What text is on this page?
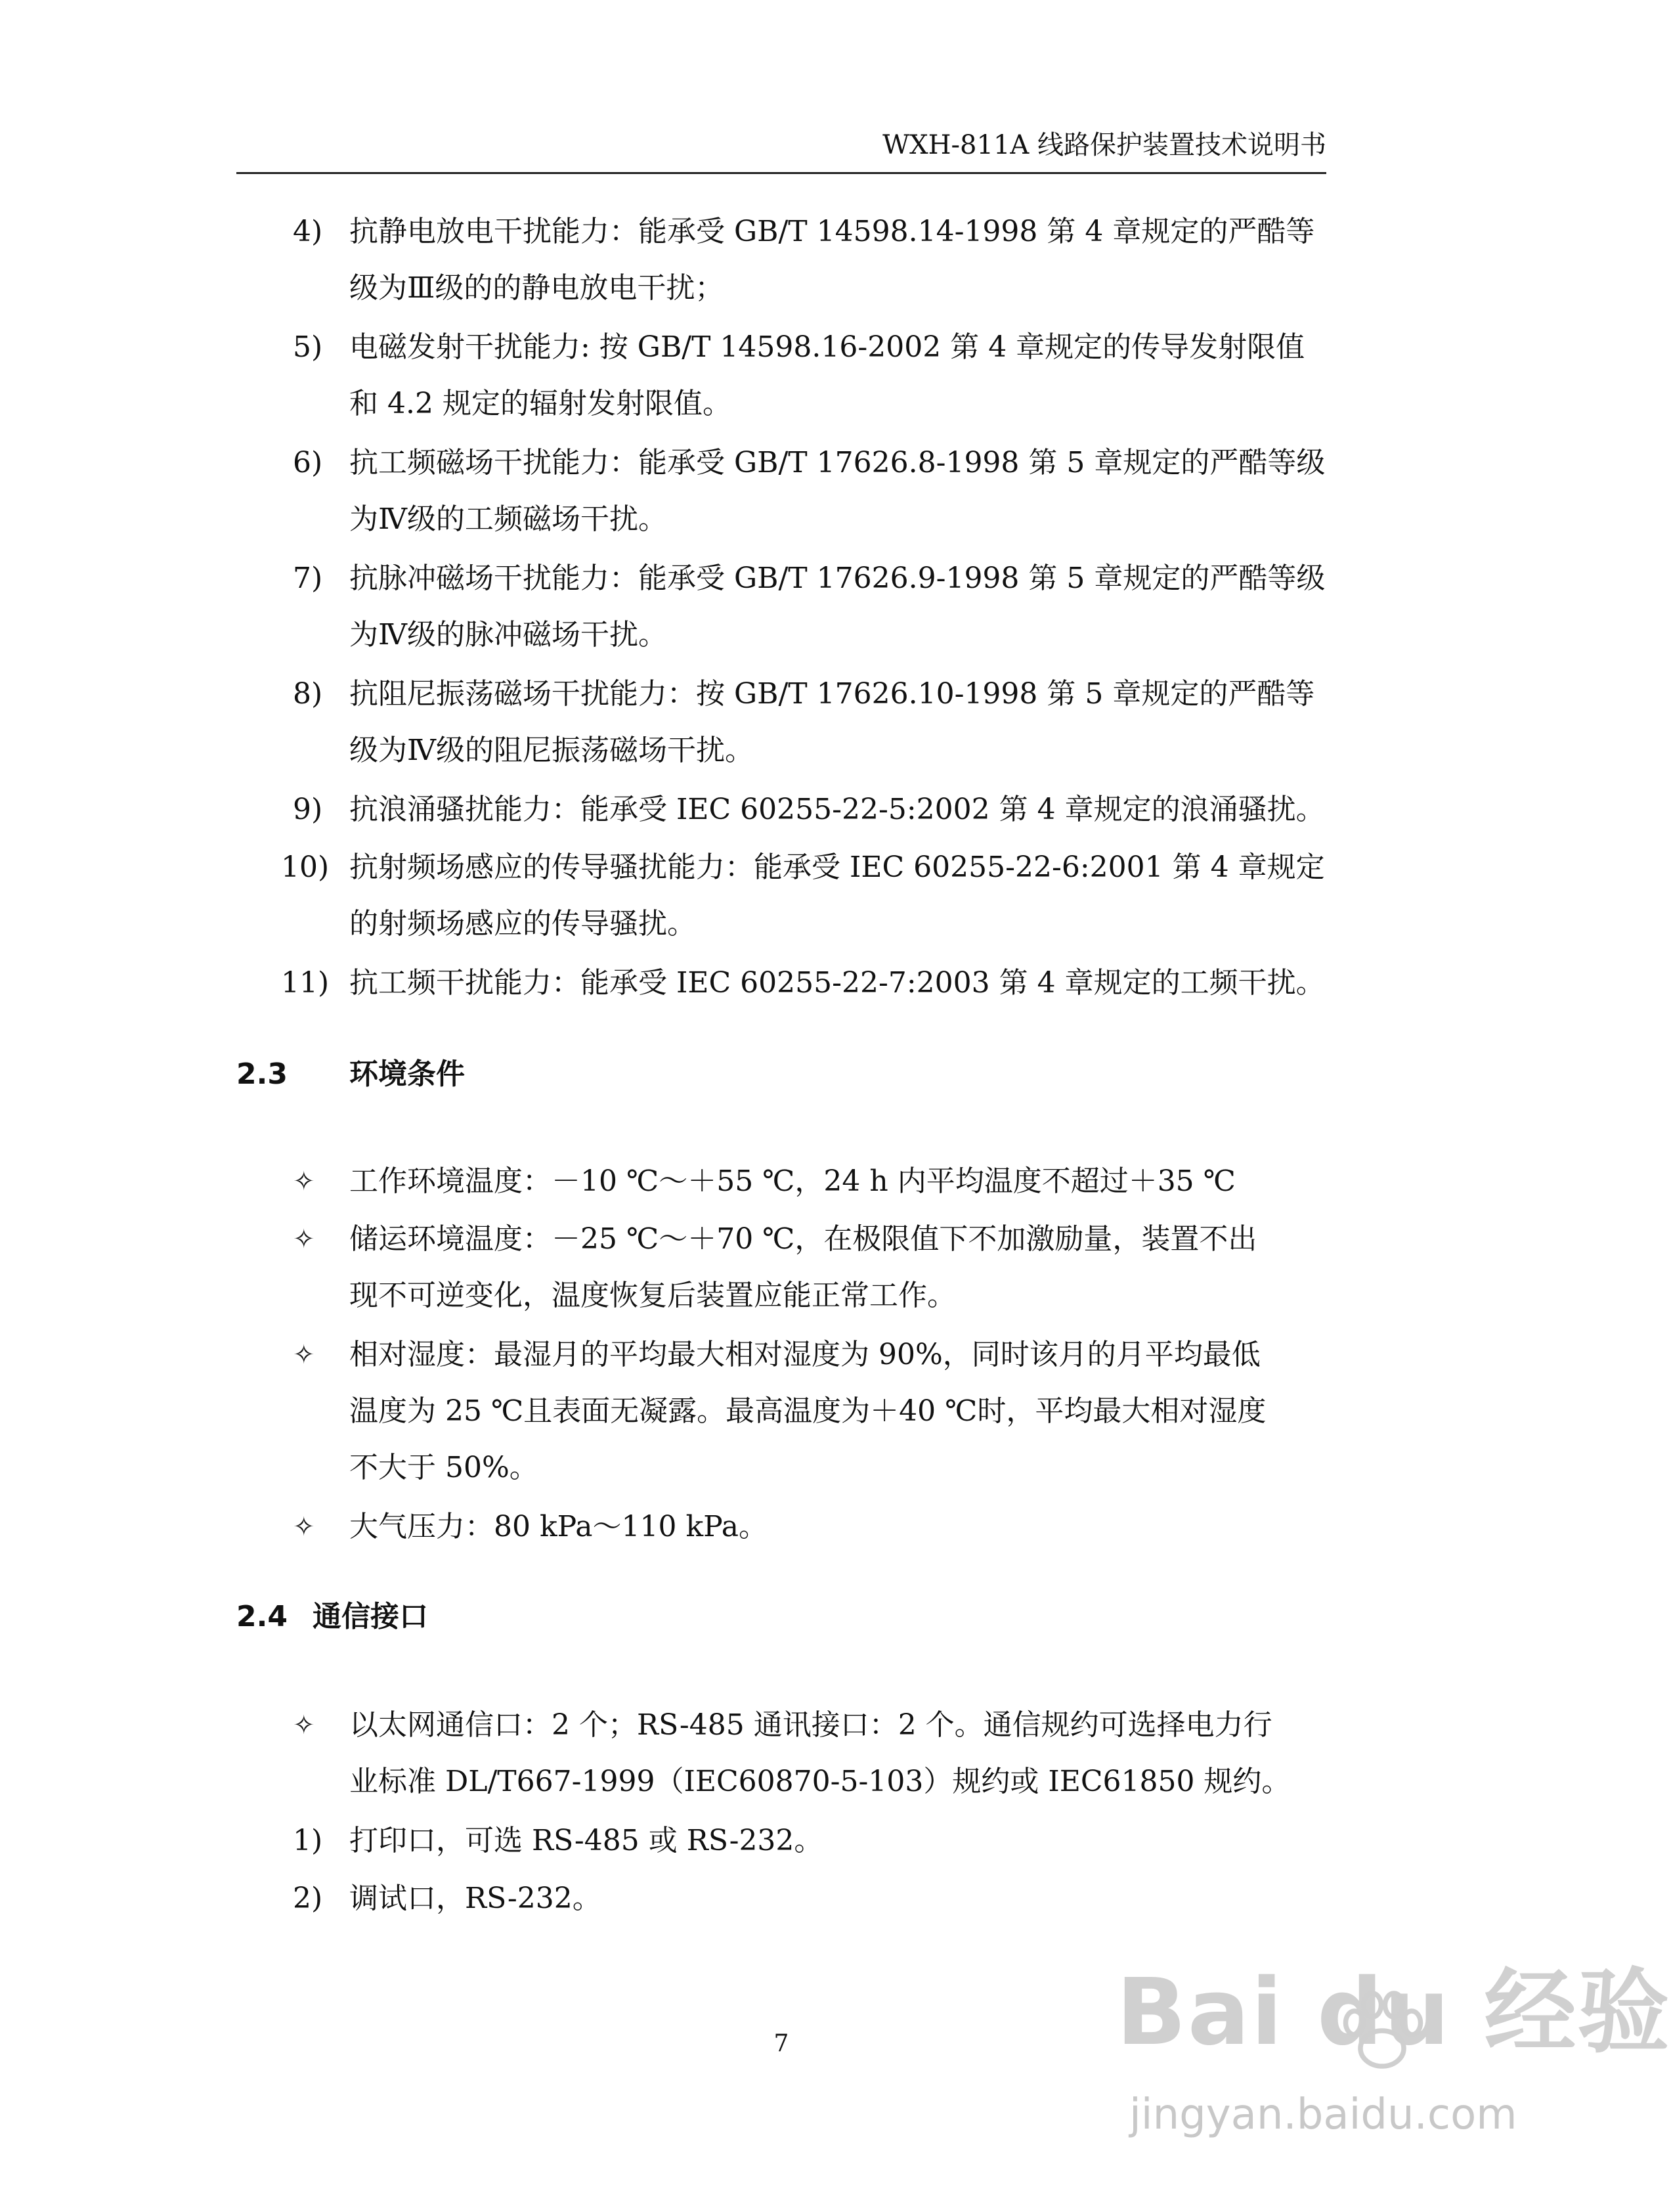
WXH-811A 线路保护装置技术说明书
4) 抗静电放电干扰能力：能承受 GB/T 14598.14-1998 第 4 章规定的严酷等
级为Ⅲ级的的静电放电干扰；
5) 电磁发射干扰能力: 按 GB/T 14598.16-2002 第 4 章规定的传导发射限值
和 4.2 规定的辐射发射限值。
6) 抗工频磁场干扰能力：能承受 GB/T 17626.8-1998 第 5 章规定的严酷等级
为Ⅳ级的工频磁场干扰。
7) 抗脉冲磁场干扰能力：能承受 GB/T 17626.9-1998 第 5 章规定的严酷等级
为Ⅳ级的脉冲磁场干扰。
8) 抗阻尼振荡磁场干扰能力：按 GB/T 17626.10-1998 第 5 章规定的严酷等
级为Ⅳ级的阻尼振荡磁场干扰。
9) 抗浪涌骚扰能力：能承受 IEC 60255-22-5:2002 第 4 章规定的浪涌骚扰。
10) 抗射频场感应的传导骚扰能力：能承受 IEC 60255-22-6:2001 第 4 章规定
的射频场感应的传导骚扰。
11) 抗工频干扰能力：能承受 IEC 60255-22-7:2003 第 4 章规定的工频干扰。
2.3 环境条件
✧ 工作环境温度：－10 ℃～＋55 ℃，24 h 内平均温度不超过＋35 ℃
✧ 储运环境温度：－25 ℃～＋70 ℃，在极限值下不加激励量，装置不出
现不可逆变化，温度恢复后装置应能正常工作。
✧ 相对湿度：最湿月的平均最大相对湿度为 90%，同时该月的月平均最低
温度为 25 ℃且表面无凝露。最高温度为＋40 ℃时，平均最大相对湿度
不大于 50%。
✧ 大气压力：80 kPa～110 kPa。
2.4 通信接口
✧ 以太网通信口：2 个；RS-485 通讯接口：2 个。通信规约可选择电力行
业标准 DL/T667-1999（IEC60870-5-103）规约或 IEC61850 规约。
1) 打印口，可选 RS-485 或 RS-232。
2) 调试口，RS-232。
7	Bai du 经验
jingyan.baidu.com
